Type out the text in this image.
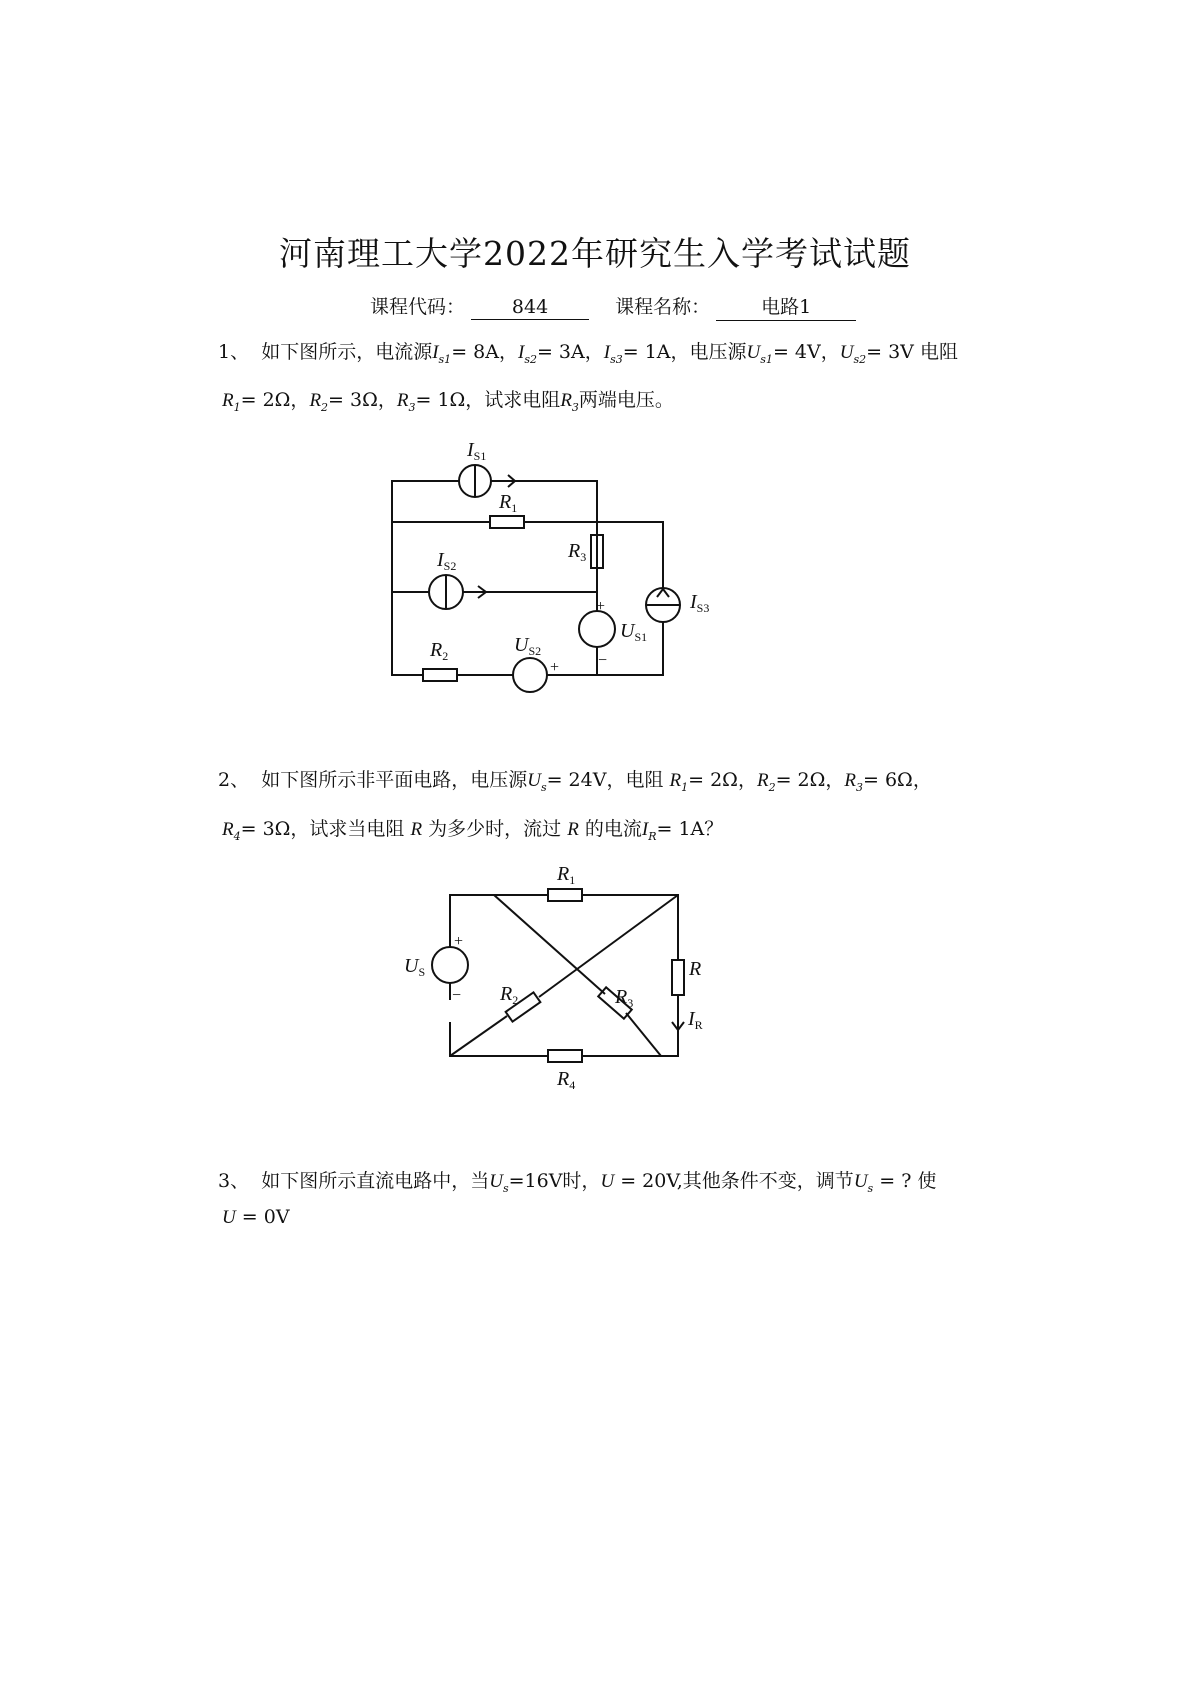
河南理工大学2022年研究生入学考试试题
课程代码： 844	课程名称：	电路1
1、 如下图所示，电流源$I_{s1}= 8A$，$I_{s2}= 3A$，$I_{s3}= 1A$，电压源$U_{s1}= 4V$，$U_{s2}= 3V$ 电阻
$R_1= 2\Omega$，$R_2= 3\Omega$，$R_3= 1\Omega$，试求电阻$R_3$两端电压。
$I_{S1}$
$R_1$
$R_3$
$I_{S2}$
$I_{S3}$
$U_{S1}$
$R_2$	$U_{S2}$
+
−
−	+
2、 如下图所示非平面电路，电压源$U_s= 24V$，电阻 $R_1= 2\Omega$，$R_2= 2\Omega$，$R_3= 6\Omega$，
$R_4= 3\Omega$，试求当电阻 R 为多少时，流过 R 的电流$I_R= 1A$？
$R_1$
$U_S$	R
$R_2$	$R_3$
$I_R$
$R_4$
+
−
3、 如下图所示直流电路中，当$U_s=16V$时，U = 20V,其他条件不变，调节$U_s$ = ? 使
U = 0V
